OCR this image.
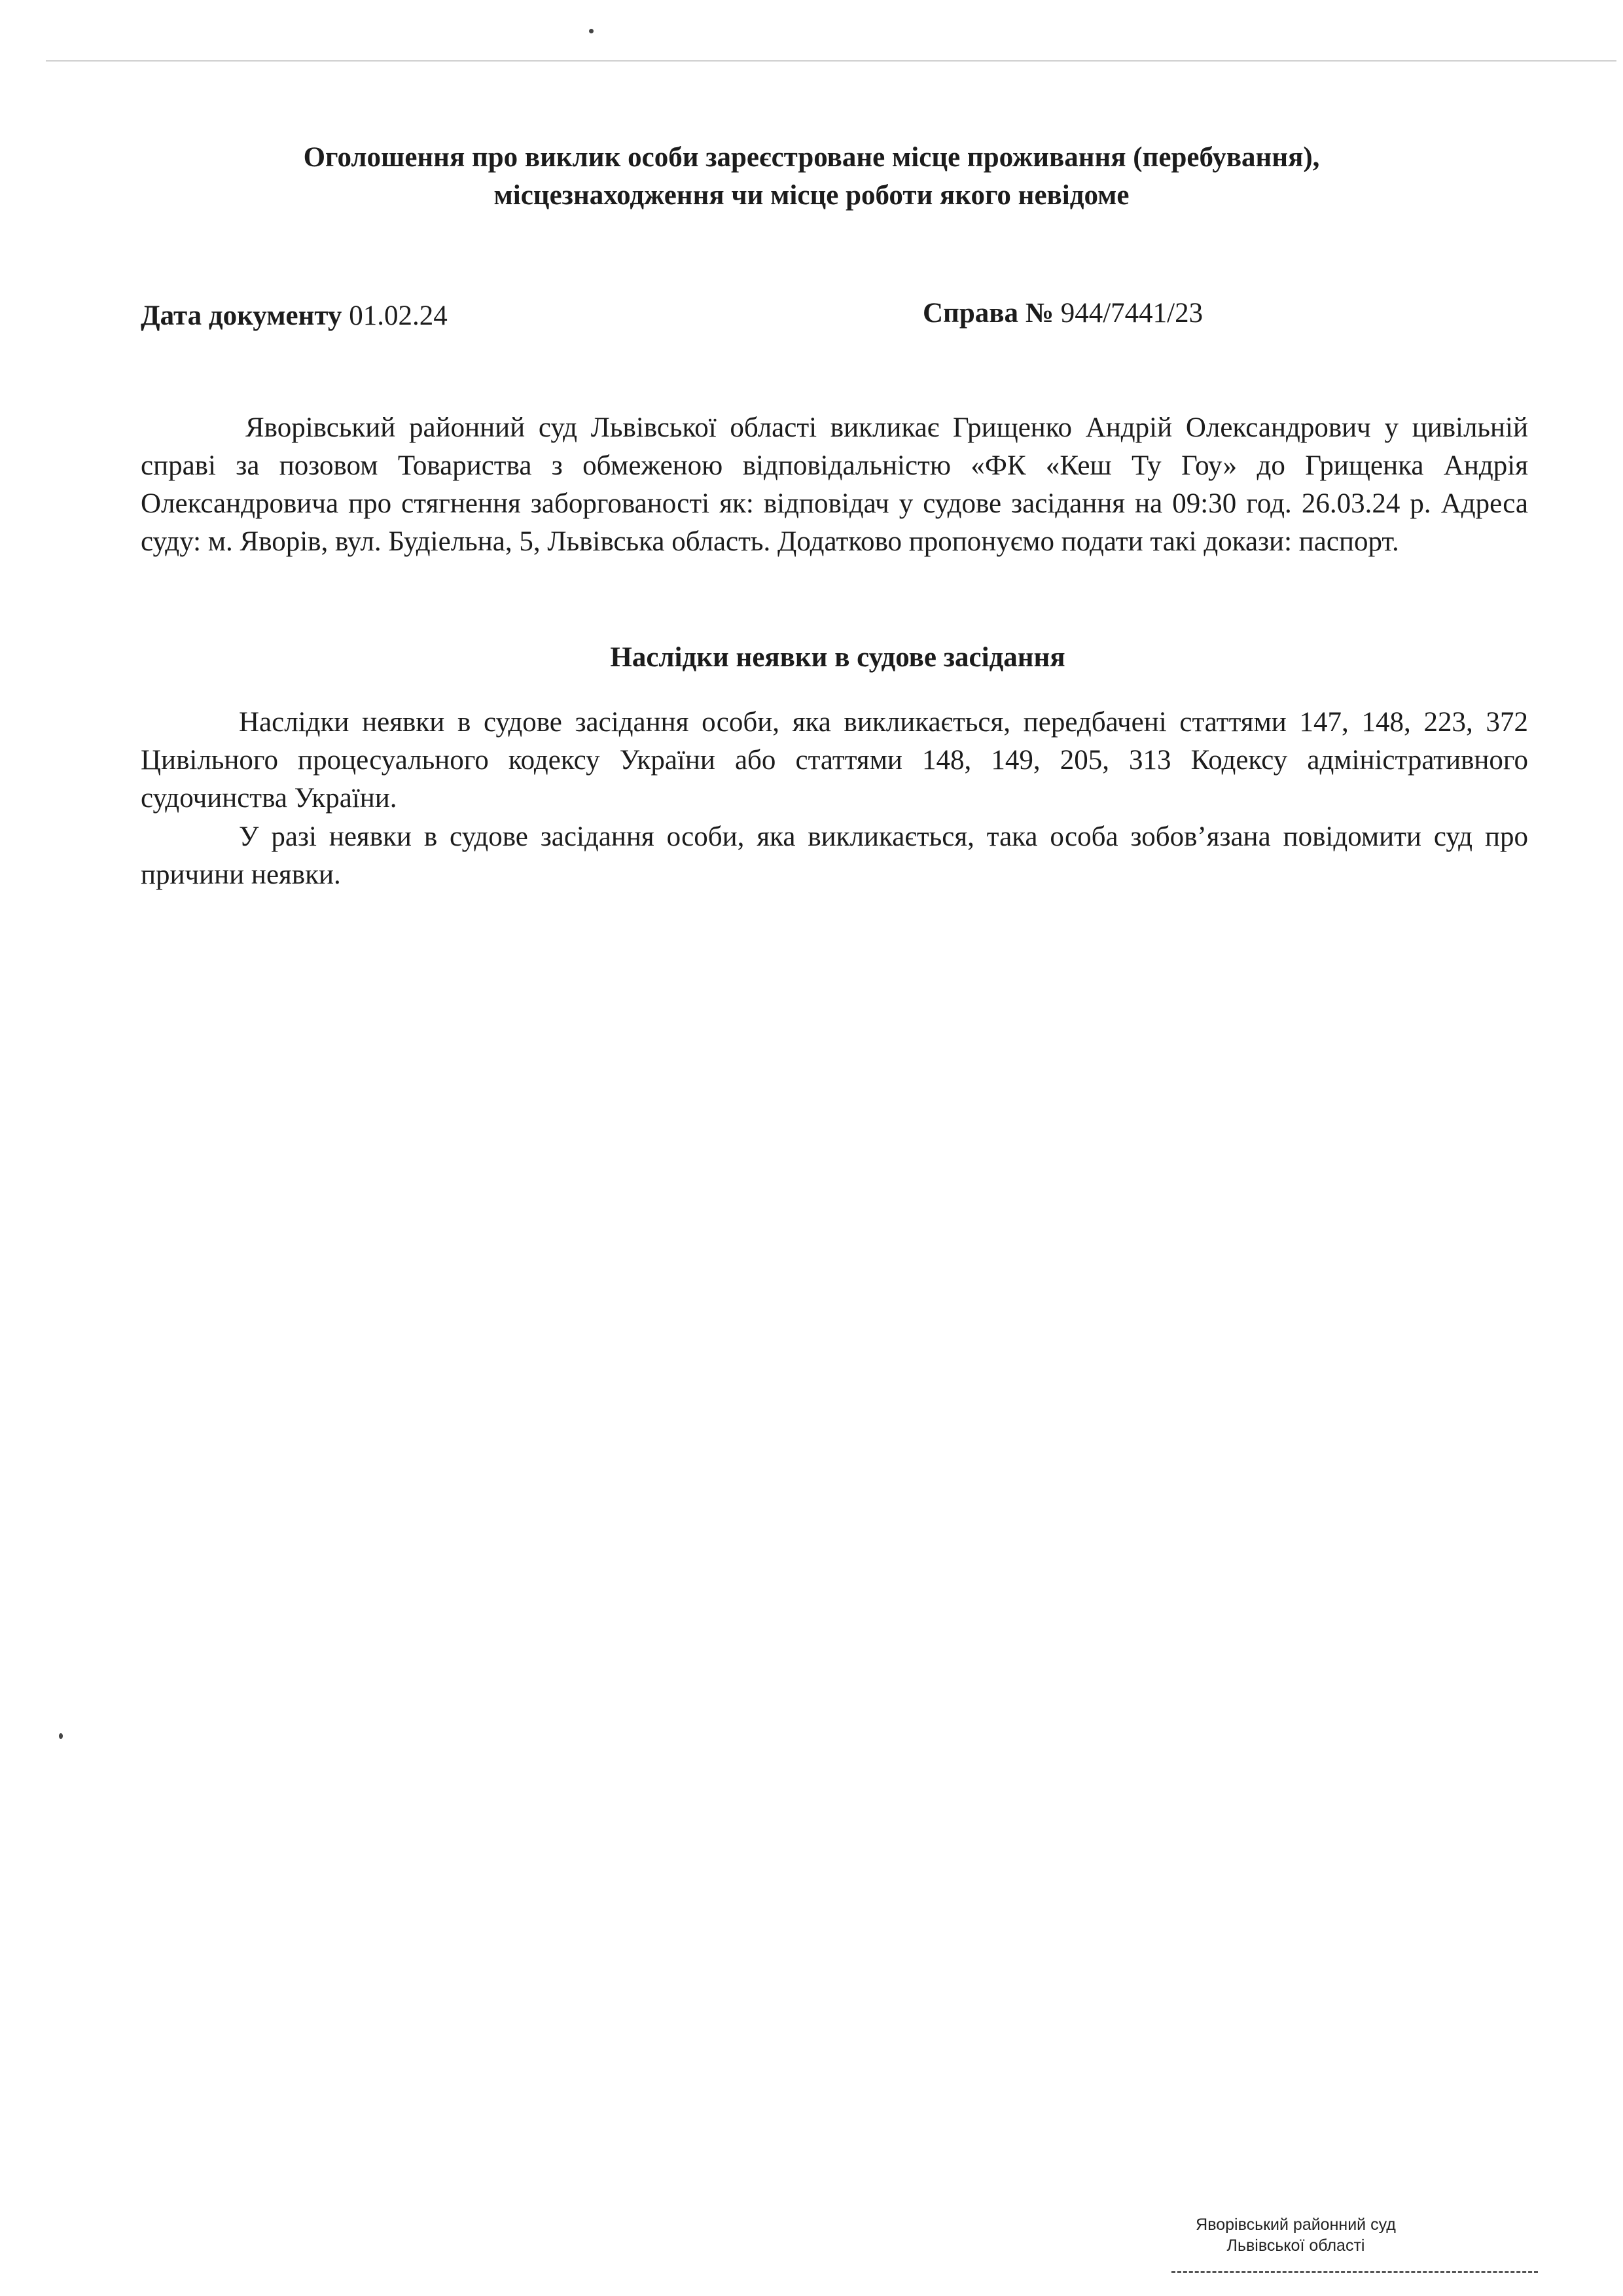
Оголошення про виклик особи зареєстроване місце проживання (перебування),
місцезнаходження чи місце роботи якого невідоме
Дата документу 01.02.24	Справа № 944/7441/23

Яворівський районний суд Львівської області викликає Грищенко Андрій Олександрович у цивільній справі за позовом Товариства з обмеженою відповідальністю «ФК «Кеш Ту Гоу» до Грищенка Андрія Олександровича про стягнення заборгованості як: відповідач у судове засідання на 09:30 год. 26.03.24 р. Адреса суду: м. Яворів, вул. Будіельна, 5, Львівська область. Додатково пропонуємо подати такі докази: паспорт.

Наслідки неявки в судове засідання

Наслідки неявки в судове засідання особи, яка викликається, передбачені статтями 147, 148, 223, 372 Цивільного процесуального кодексу України або статтями 148, 149, 205, 313 Кодексу адміністративного судочинства України.

У разі неявки в судове засідання особи, яка викликається, така особа зобов’язана повідомити суд про причини неявки.

Яворівський районний суд
Львівської області
